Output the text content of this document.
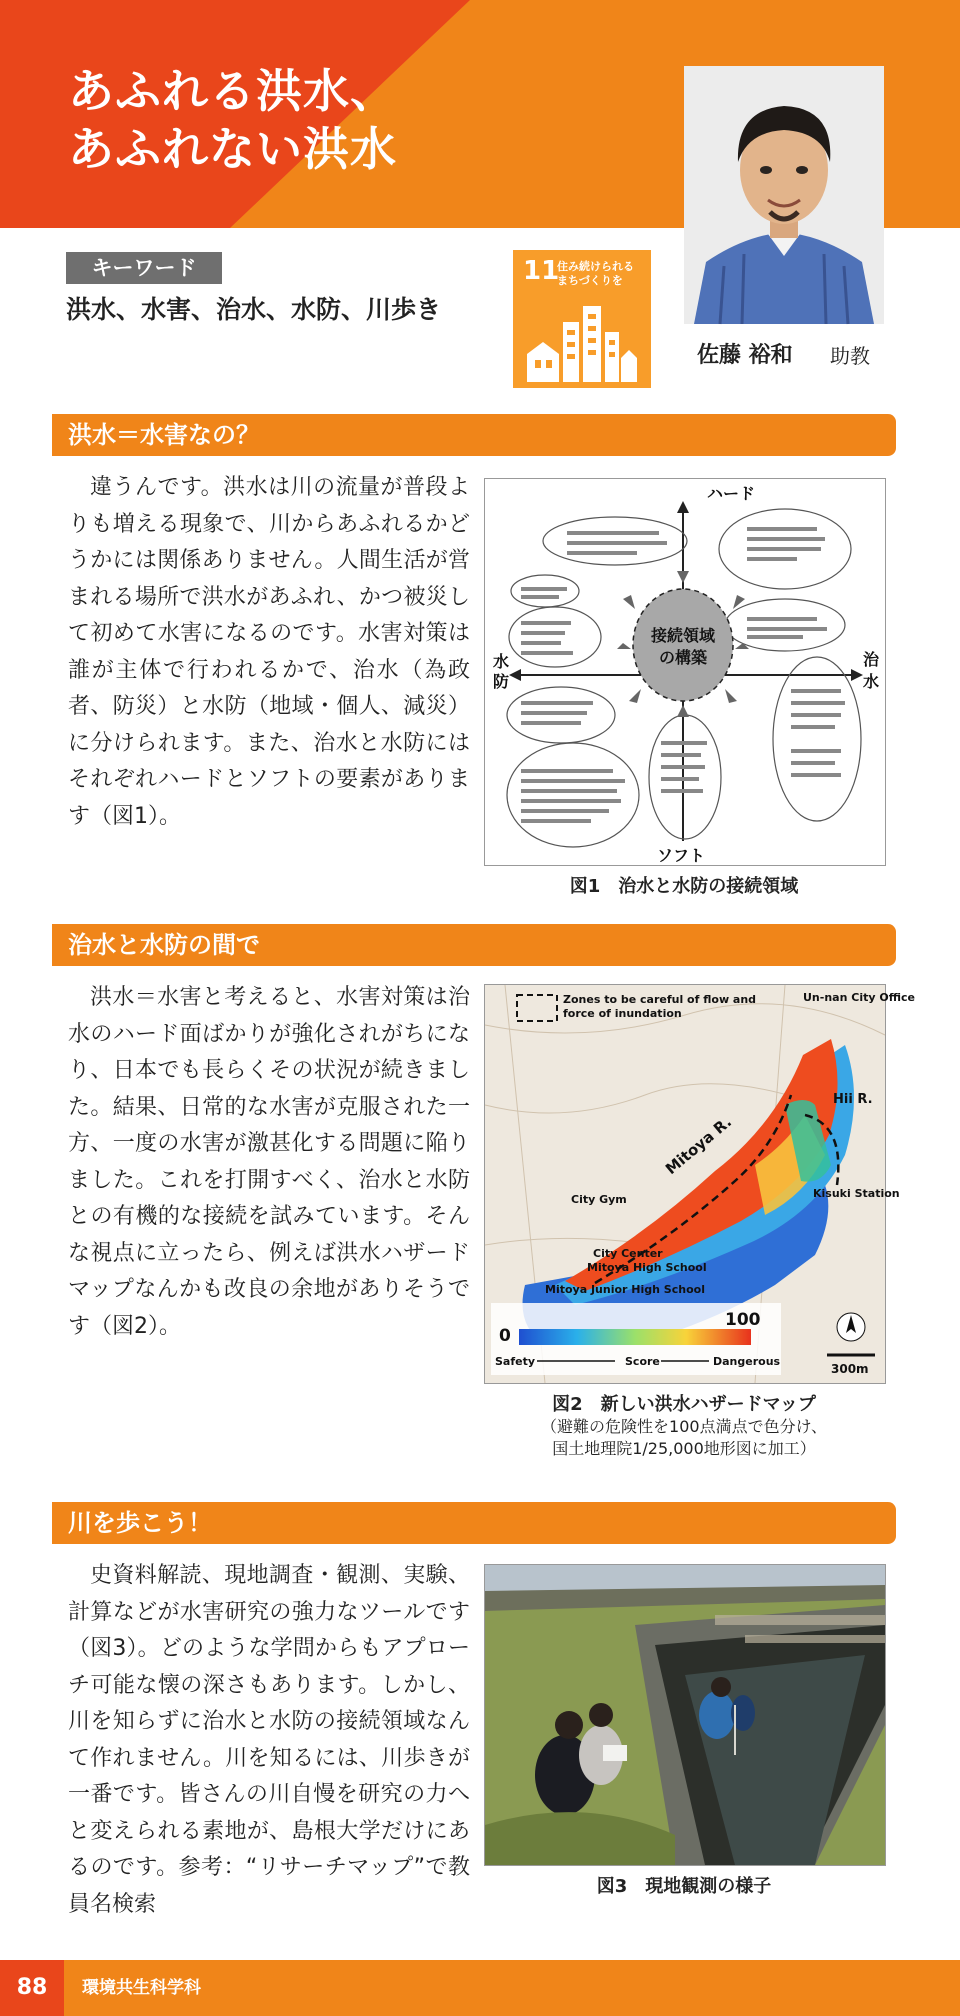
あふれる洪水、
あふれない洪水
佐藤 裕和 助教
キーワード
洪水、水害、治水、水防、川歩き
11
住み続けられる まちづくりを
洪水＝水害なの？

違うんです。洪水は川の流量が普段よりも増える現象で、川からあふれるかどうかには関係ありません。人間生活が営まれる場所で洪水があふれ、かつ被災して初めて水害になるのです。水害対策は誰が主体で行われるかで、治水（為政者、防災）と水防（地域・個人、減災）に分けられます。また、治水と水防にはそれぞれハードとソフトの要素があります（図1）。

接続領域
の構築
ハード
ソフト
水
防
治
水
図1　治水と水防の接続領域
治水と水防の間で

洪水＝水害と考えると、水害対策は治水のハード面ばかりが強化されがちになり、日本でも長らくその状況が続きました。結果、日常的な水害が克服された一方、一度の水害が激甚化する問題に陥りました。これを打開すべく、治水と水防との有機的な接続を試みています。そんな視点に立ったら、例えば洪水ハザードマップなんかも改良の余地がありそうです（図2）。

Zones to be careful of flow and force of inundation
Un-nan City Office
Mitoya R.
Hii R.
City Gym	Kisuki Station
City Center
Mitoya High School
Mitoya Junior High School
0
100
Safety	Score	Dangerous
300m
図2　新しい洪水ハザードマップ
（避難の危険性を100点満点で色分け、
国土地理院1/25,000地形図に加工）
川を歩こう！

史資料解読、現地調査・観測、実験、計算などが水害研究の強力なツールです（図3）。どのような学問からもアプローチ可能な懐の深さもあります。しかし、川を知らずに治水と水防の接続領域なんて作れません。川を知るには、川歩きが一番です。皆さんの川自慢を研究の力へと変えられる素地が、島根大学だけにあるのです。参考：“リサーチマップ”で教員名検索

図3　現地観測の様子
88	環境共生科学科
